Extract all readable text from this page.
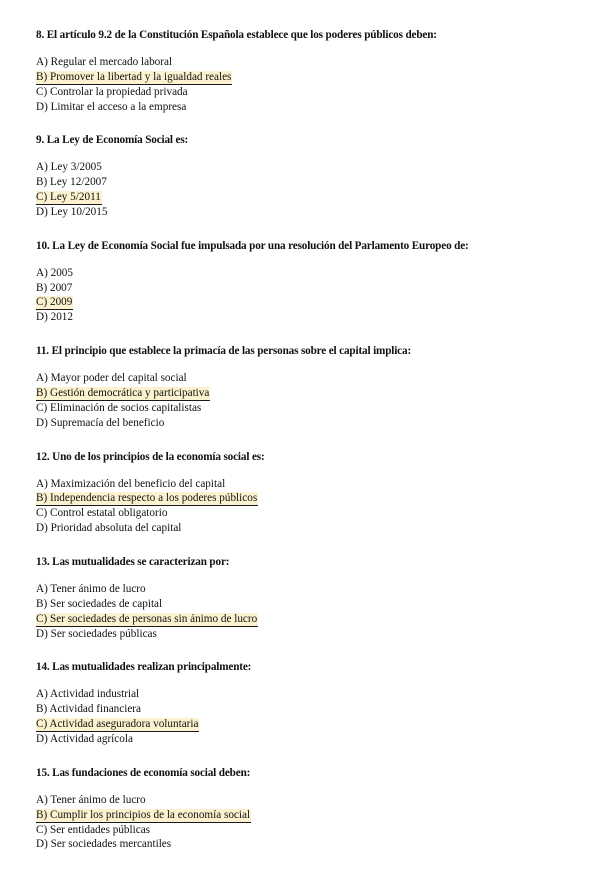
8. El artículo 9.2 de la Constitución Española establece que los poderes públicos deben:
A) Regular el mercado laboral
B) Promover la libertad y la igualdad reales
C) Controlar la propiedad privada
D) Limitar el acceso a la empresa
9. La Ley de Economía Social es:
A) Ley 3/2005
B) Ley 12/2007
C) Ley 5/2011
D) Ley 10/2015
10. La Ley de Economía Social fue impulsada por una resolución del Parlamento Europeo de:
A) 2005
B) 2007
C) 2009
D) 2012
11. El principio que establece la primacía de las personas sobre el capital implica:
A) Mayor poder del capital social
B) Gestión democrática y participativa
C) Eliminación de socios capitalistas
D) Supremacía del beneficio
12. Uno de los principios de la economía social es:
A) Maximización del beneficio del capital
B) Independencia respecto a los poderes públicos
C) Control estatal obligatorio
D) Prioridad absoluta del capital
13. Las mutualidades se caracterizan por:
A) Tener ánimo de lucro
B) Ser sociedades de capital
C) Ser sociedades de personas sin ánimo de lucro
D) Ser sociedades públicas
14. Las mutualidades realizan principalmente:
A) Actividad industrial
B) Actividad financiera
C) Actividad aseguradora voluntaria
D) Actividad agrícola
15. Las fundaciones de economía social deben:
A) Tener ánimo de lucro
B) Cumplir los principios de la economía social
C) Ser entidades públicas
D) Ser sociedades mercantiles
